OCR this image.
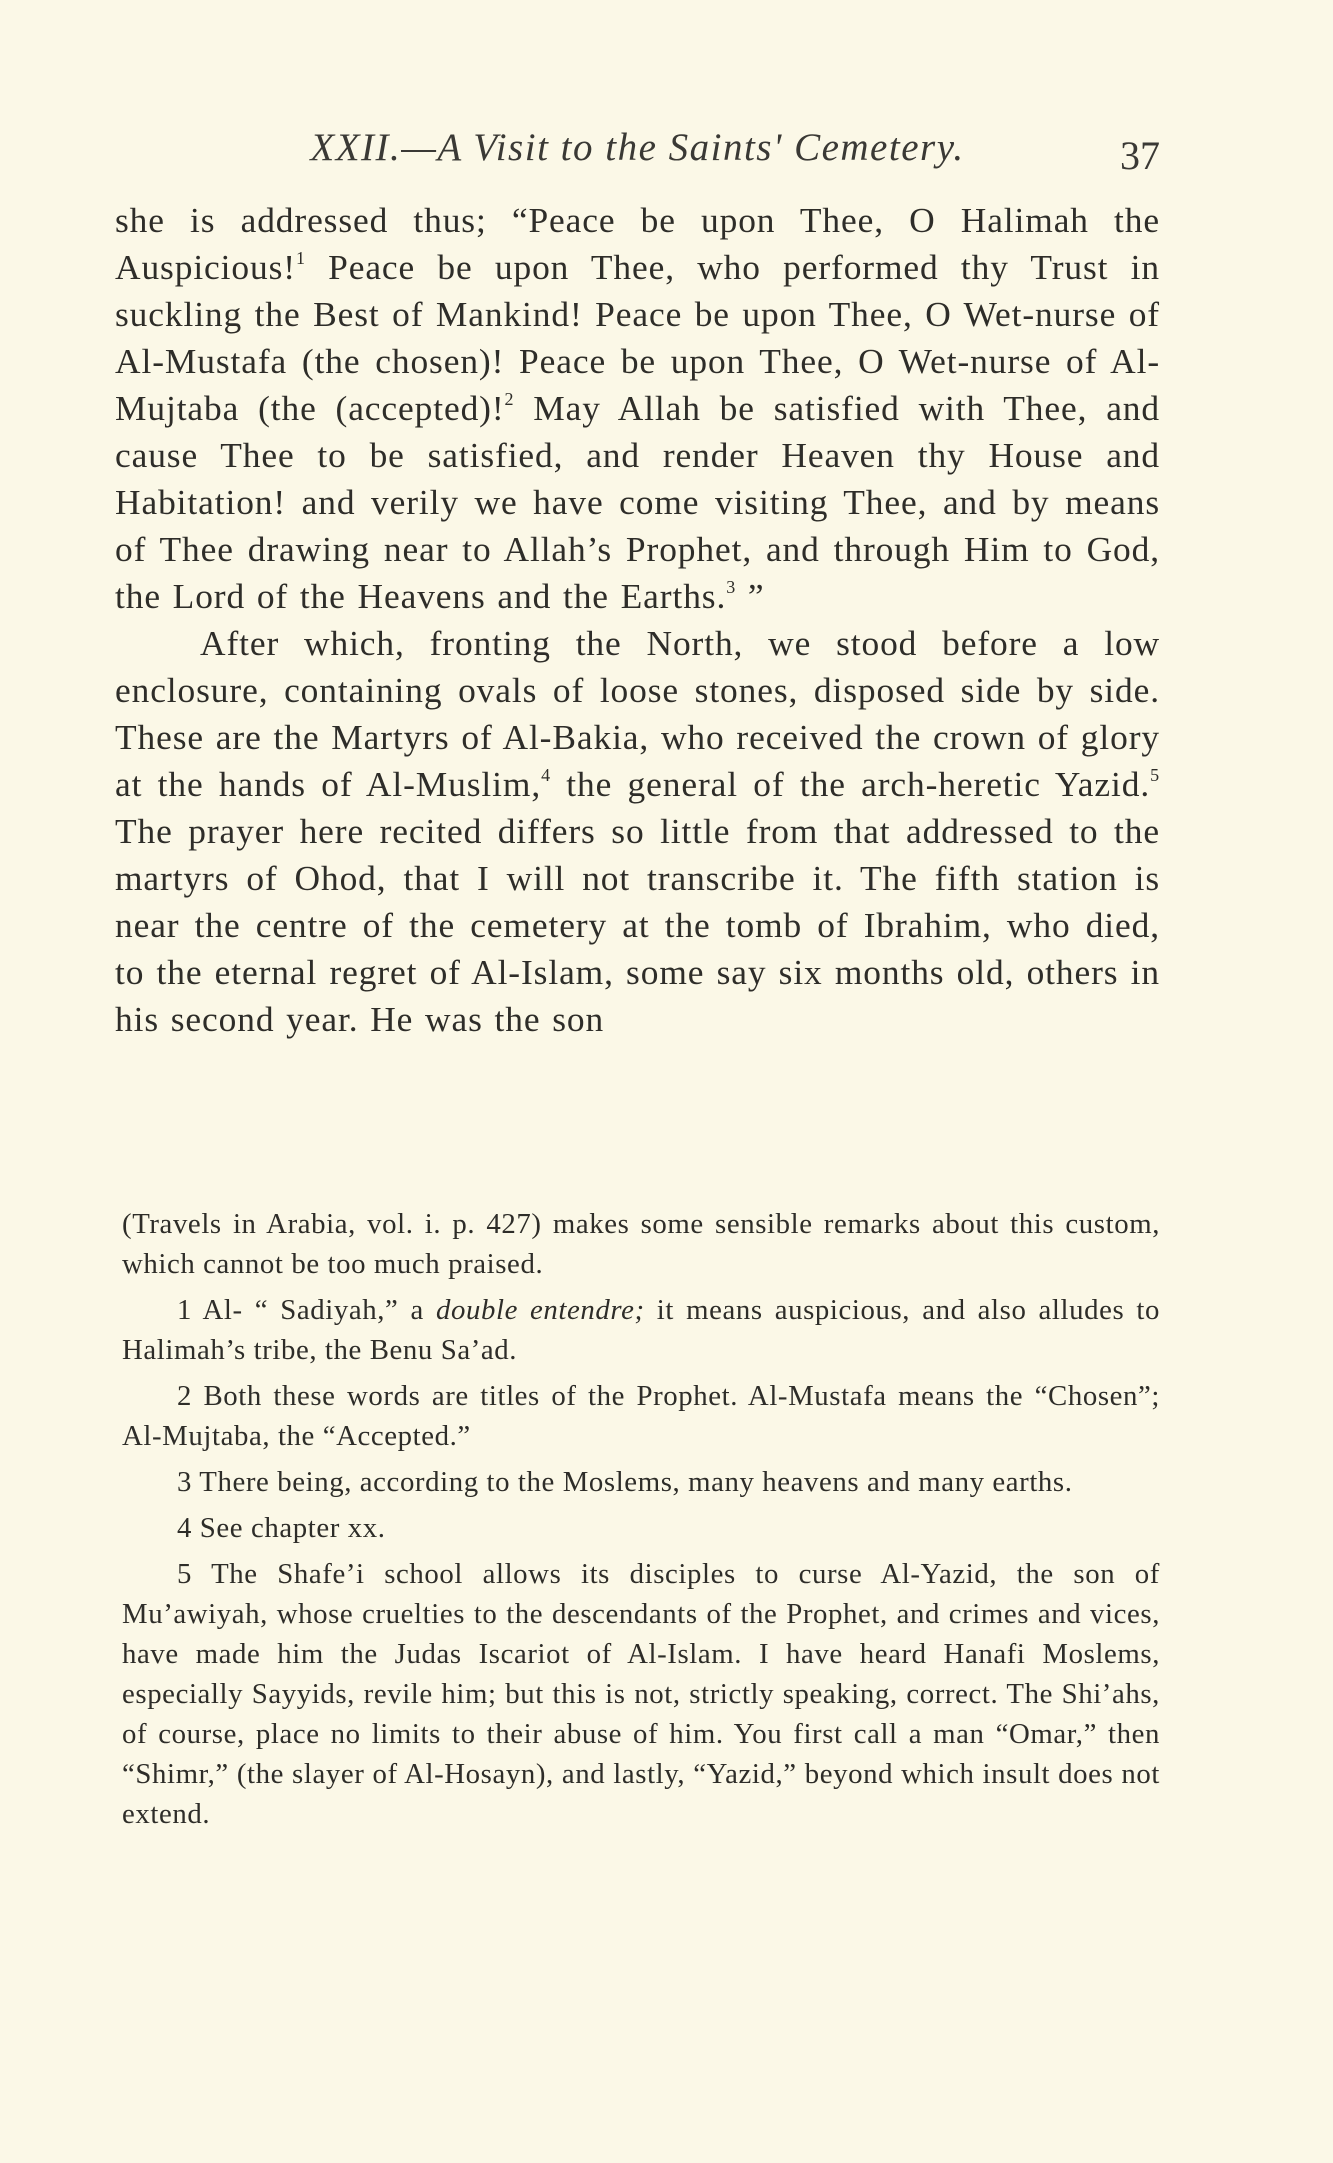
XXII.—A Visit to the Saints' Cemetery.	37

she is addressed thus; “Peace be upon Thee, O Halimah the Auspicious!$^1$ Peace be upon Thee, who performed thy Trust in suckling the Best of Mankind! Peace be upon Thee, O Wet-nurse of Al-Mustafa (the chosen)! Peace be upon Thee, O Wet-nurse of Al-Mujtaba (the (accepted)!$^2$ May Allah be satisfied with Thee, and cause Thee to be satisfied, and render Heaven thy House and Habitation! and verily we have come visiting Thee, and by means of Thee drawing near to Allah’s Prophet, and through Him to God, the Lord of the Heavens and the Earths.$^3$ ”

After which, fronting the North, we stood before a low enclosure, containing ovals of loose stones, disposed side by side. These are the Martyrs of Al-Bakia, who received the crown of glory at the hands of Al-Muslim,$^4$ the general of the arch-heretic Yazid.$^5$ The prayer here recited differs so little from that addressed to the martyrs of Ohod, that I will not transcribe it. The fifth station is near the centre of the cemetery at the tomb of Ibrahim, who died, to the eternal regret of Al-Islam, some say six months old, others in his second year. He was the son

(Travels in Arabia, vol. i. p. 427) makes some sensible remarks about this custom, which cannot be too much praised.

1 Al- “ Sadiyah,” a double entendre; it means auspicious, and also alludes to Halimah’s tribe, the Benu Sa’ad.

2 Both these words are titles of the Prophet. Al-Mustafa means the “Chosen”; Al-Mujtaba, the “Accepted.”

3 There being, according to the Moslems, many heavens and many earths.

4 See chapter xx.

5 The Shafe’i school allows its disciples to curse Al-Yazid, the son of Mu’awiyah, whose cruelties to the descendants of the Prophet, and crimes and vices, have made him the Judas Iscariot of Al-Islam. I have heard Hanafi Moslems, especially Sayyids, revile him; but this is not, strictly speaking, correct. The Shi’ahs, of course, place no limits to their abuse of him. You first call a man “Omar,” then “Shimr,” (the slayer of Al-Hosayn), and lastly, “Yazid,” beyond which insult does not extend.
